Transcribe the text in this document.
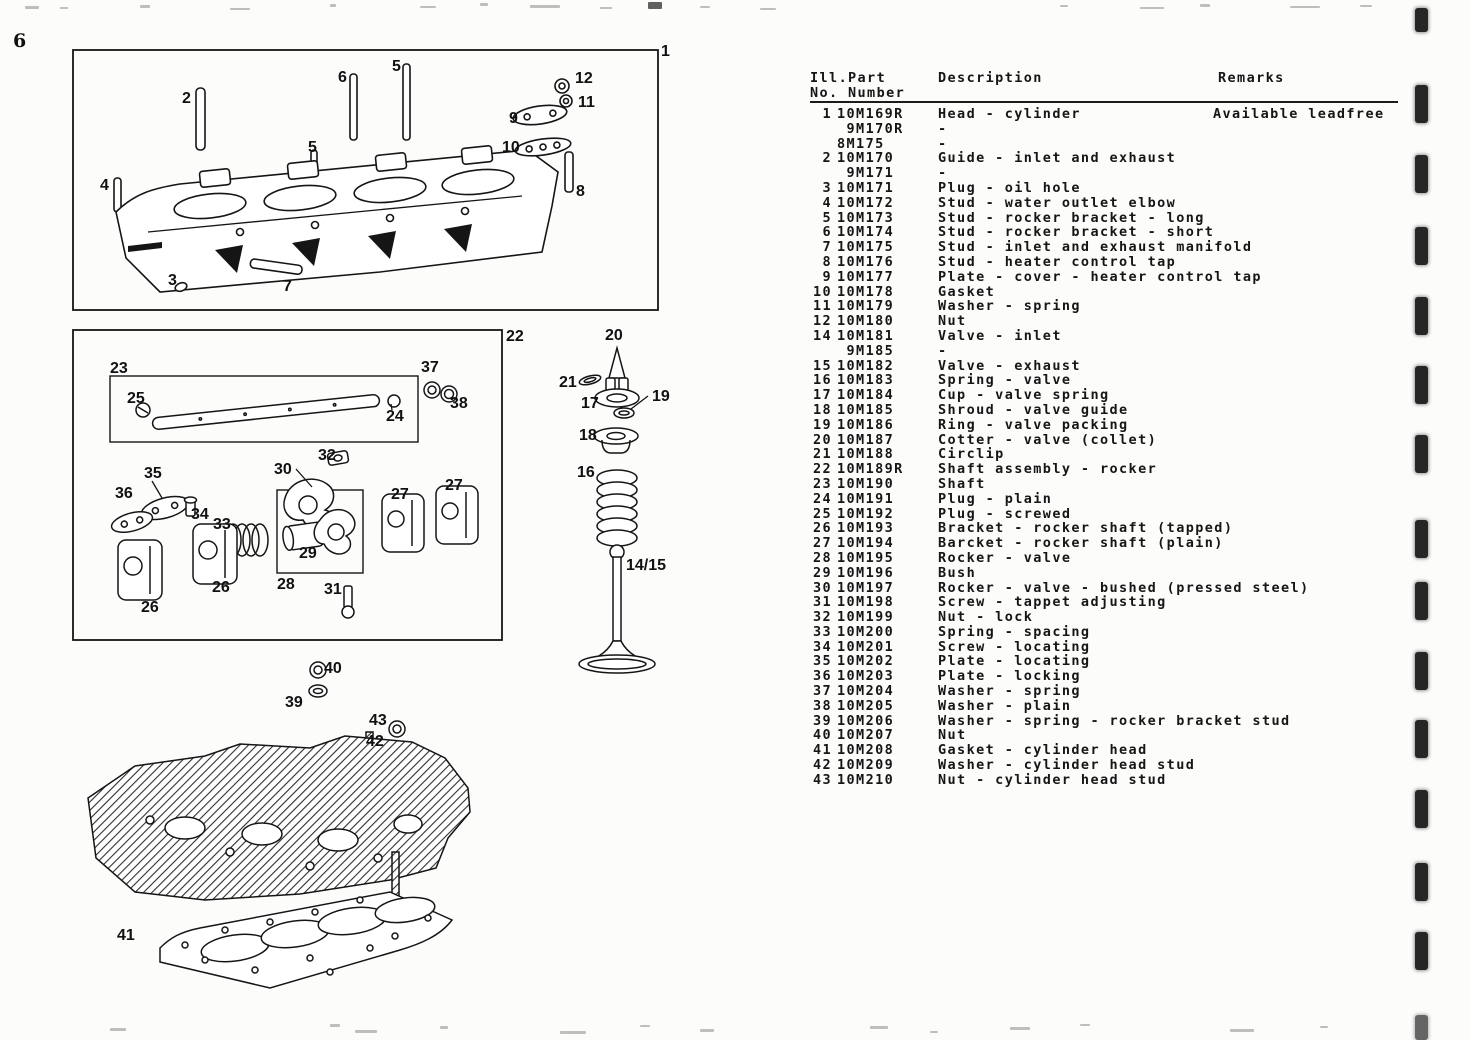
6	1
2
6
5
12
11
9
10
5
8
4
3	7
22
23
25
24
37
38
32
30
35
36
34
33
29
27
27
28 31
26
26
20
21
17	19
18
16
14/15
40
39
43
42
41
Ill. Part	Description	Remarks
No. Number
1 10M169R	Head - cylinder	Available leadfree
9M170R	-
8M175	-
2 10M170	Guide - inlet and exhaust
9M171	-
3 10M171	Plug - oil hole
4 10M172	Stud - water outlet elbow
5 10M173	Stud - rocker bracket - long
6 10M174	Stud - rocker bracket - short
7 10M175	Stud - inlet and exhaust manifold
8 10M176	Stud - heater control tap
9 10M177	Plate - cover - heater control tap
10 10M178	Gasket
11 10M179	Washer - spring
12 10M180	Nut
14 10M181	Valve - inlet
9M185	-
15 10M182	Valve - exhaust
16 10M183	Spring - valve
17 10M184	Cup - valve spring
18 10M185	Shroud - valve guide
19 10M186	Ring - valve packing
20 10M187	Cotter - valve (collet)
21 10M188	Circlip
22 10M189R	Shaft assembly - rocker
23 10M190	Shaft
24 10M191	Plug - plain
25 10M192	Plug - screwed
26 10M193	Bracket - rocker shaft (tapped)
27 10M194	Barcket - rocker shaft (plain)
28 10M195	Rocker - valve
29 10M196	Bush
30 10M197	Rocker - valve - bushed (pressed steel)
31 10M198	Screw - tappet adjusting
32 10M199	Nut - lock
33 10M200	Spring - spacing
34 10M201	Screw - locating
35 10M202	Plate - locating
36 10M203	Plate - locking
37 10M204	Washer - spring
38 10M205	Washer - plain
39 10M206	Washer - spring - rocker bracket stud
40 10M207	Nut
41 10M208	Gasket - cylinder head
42 10M209	Washer - cylinder head stud
43 10M210	Nut - cylinder head stud
